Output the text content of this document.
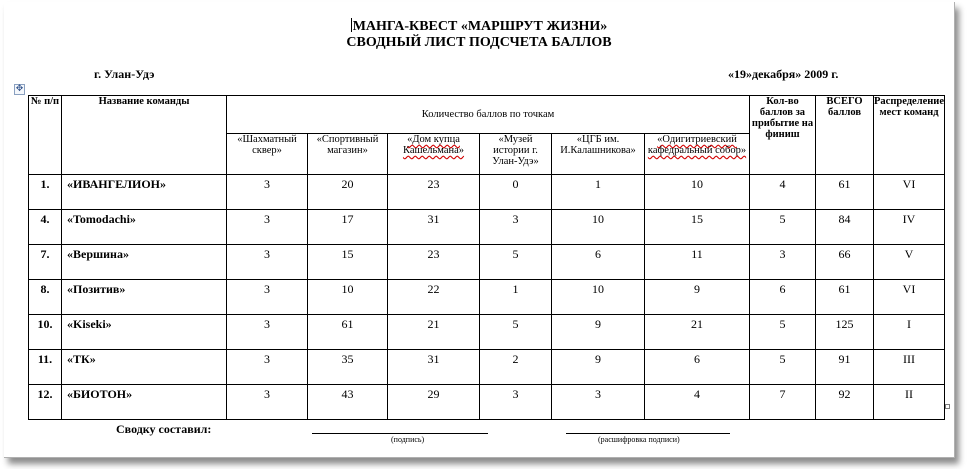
МАНГА-КВЕСТ «МАРШРУТ ЖИЗНИ»
СВОДНЫЙ ЛИСТ ПОДСЧЕТА БАЛЛОВ
г. Улан-Удэ	«19»декабря» 2009 г.
✥
№ п/п	Название команды	Количество баллов по точкам						Кол-во баллов за прибытие на финиш	ВСЕГО баллов	Распределение мест команд
		«Шахматный сквер»	«Спортивный магазин»	«Дом купца Кашельмана»	«Музей истории г. Улан-Удэ»	«ЦГБ им. И.Калашникова»	«Одигитриевский кафедральный собор»			
1.	«ИВАНГЕЛИОН»	3	20	23	0	1	10	4	61	VI
4.	«Tomodachi»	3	17	31	3	10	15	5	84	IV
7.	«Вершина»	3	15	23	5	6	11	3	66	V
8.	«Позитив»	3	10	22	1	10	9	6	61	VI
10.	«Kiseki»	3	61	21	5	9	21	5	125	I
11.	«ТК»	3	35	31	2	9	6	5	91	III
12.	«БИОТОН»	3	43	29	3	3	4	7	92	II
Сводку составил:
(подпись)	(расшифровка подписи)
